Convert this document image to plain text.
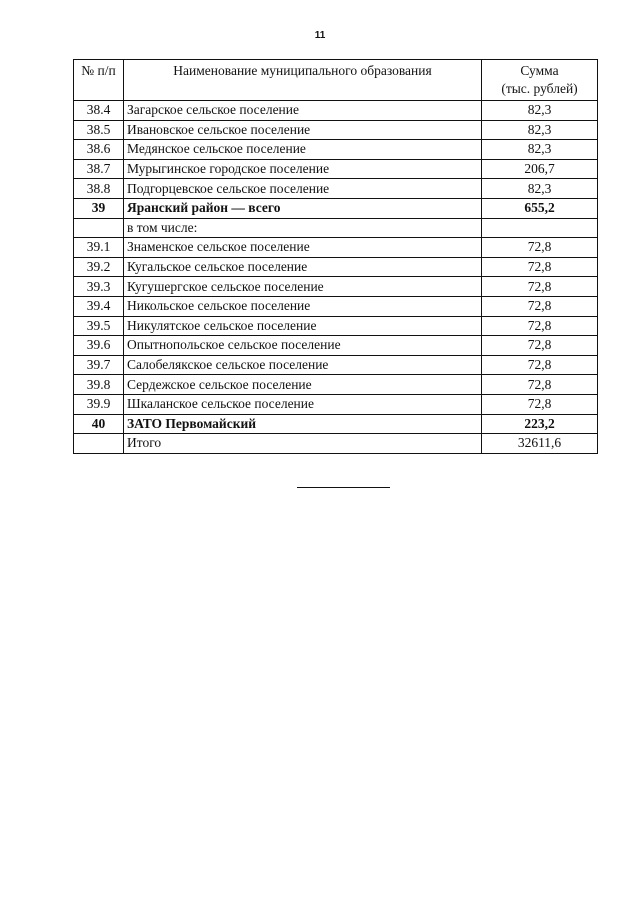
11
№ п/п	Наименование муниципального образования	Сумма
(тыс. рублей)

38.4	Загарское сельское поселение	82,3
38.5	Ивановское сельское поселение	82,3
38.6	Медянское сельское поселение	82,3
38.7	Мурыгинское городское поселение	206,7
38.8	Подгорцевское сельское поселение	82,3
39	Яранский район — всего	655,2
	в том числе:	
39.1	Знаменское сельское поселение	72,8
39.2	Кугальское сельское поселение	72,8
39.3	Кугушергское сельское поселение	72,8
39.4	Никольское сельское поселение	72,8
39.5	Никулятское сельское поселение	72,8
39.6	Опытнопольское сельское поселение	72,8
39.7	Салобелякское сельское поселение	72,8
39.8	Сердежское сельское поселение	72,8
39.9	Шкаланское сельское поселение	72,8
40	ЗАТО Первомайский	223,2
	Итого	32611,6
